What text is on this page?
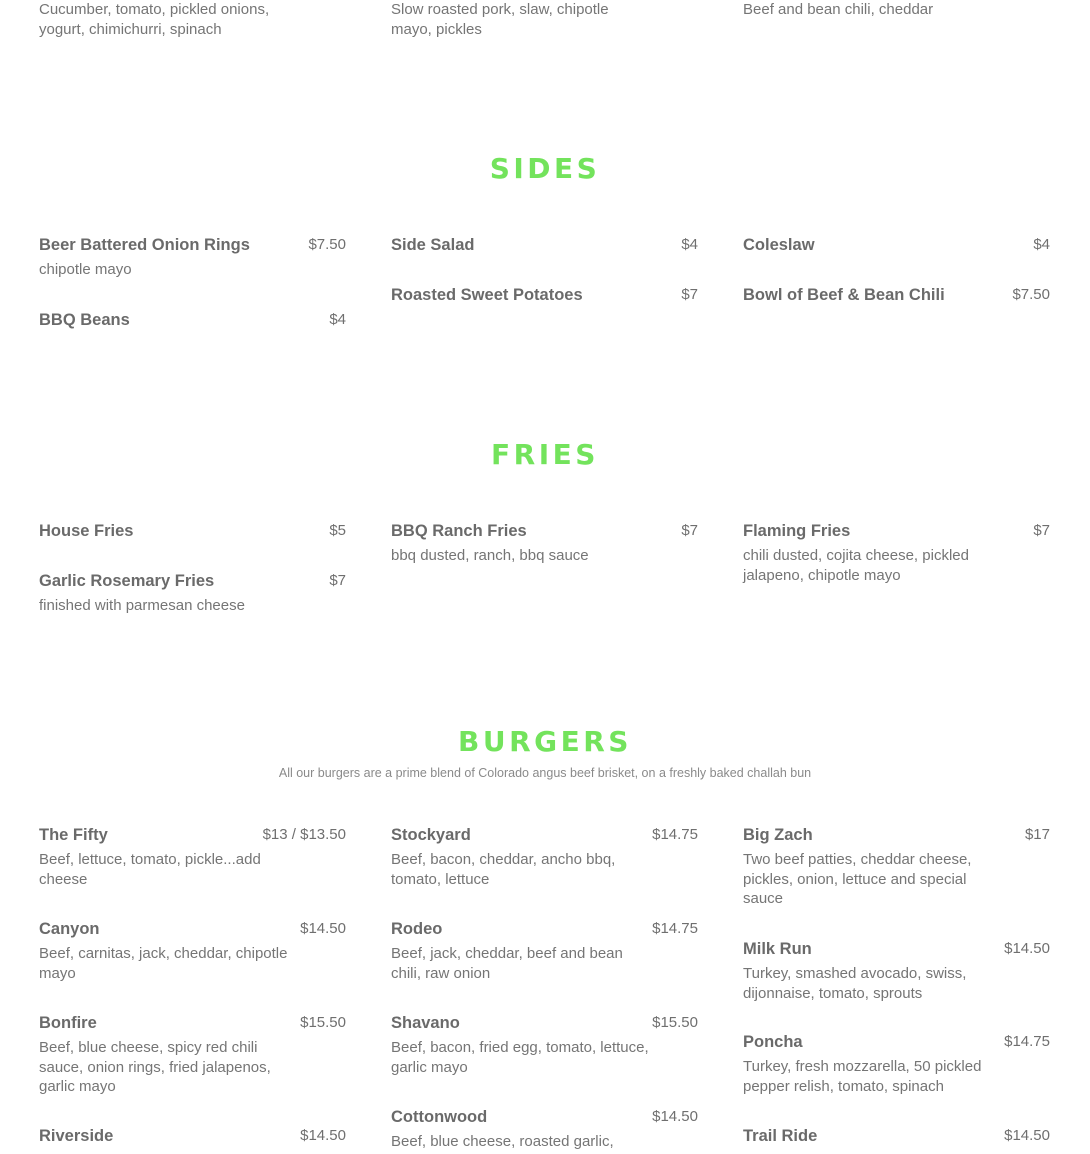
Cucumber, tomato, pickled onions, yogurt, chimichurri, spinach
Slow roasted pork, slaw, chipotle mayo, pickles
Beef and bean chili, cheddar
SIDES
Beer Battered Onion Rings	$7.50
chipotle mayo
BBQ Beans	$4
Side Salad	$4
Roasted Sweet Potatoes	$7
Coleslaw	$4
Bowl of Beef & Bean Chili	$7.50
FRIES
House Fries	$5
Garlic Rosemary Fries	$7
finished with parmesan cheese
BBQ Ranch Fries	$7
bbq dusted, ranch, bbq sauce
Flaming Fries	$7
chili dusted, cojita cheese, pickled jalapeno, chipotle mayo
BURGERS
All our burgers are a prime blend of Colorado angus beef brisket, on a freshly baked challah bun
The Fifty	$13 / $13.50
Beef, lettuce, tomato, pickle...add cheese
Canyon	$14.50
Beef, carnitas, jack, cheddar, chipotle mayo
Bonfire	$15.50
Beef, blue cheese, spicy red chili sauce, onion rings, fried jalapenos, garlic mayo
Riverside	$14.50
Stockyard	$14.75
Beef, bacon, cheddar, ancho bbq, tomato, lettuce
Rodeo	$14.75
Beef, jack, cheddar, beef and bean chili, raw onion
Shavano	$15.50
Beef, bacon, fried egg, tomato, lettuce, garlic mayo
Cottonwood	$14.50
Beef, blue cheese, roasted garlic,
Big Zach	$17
Two beef patties, cheddar cheese, pickles, onion, lettuce and special sauce
Milk Run	$14.50
Turkey, smashed avocado, swiss, dijonnaise, tomato, sprouts
Poncha	$14.75
Turkey, fresh mozzarella, 50 pickled pepper relish, tomato, spinach
Trail Ride	$14.50
